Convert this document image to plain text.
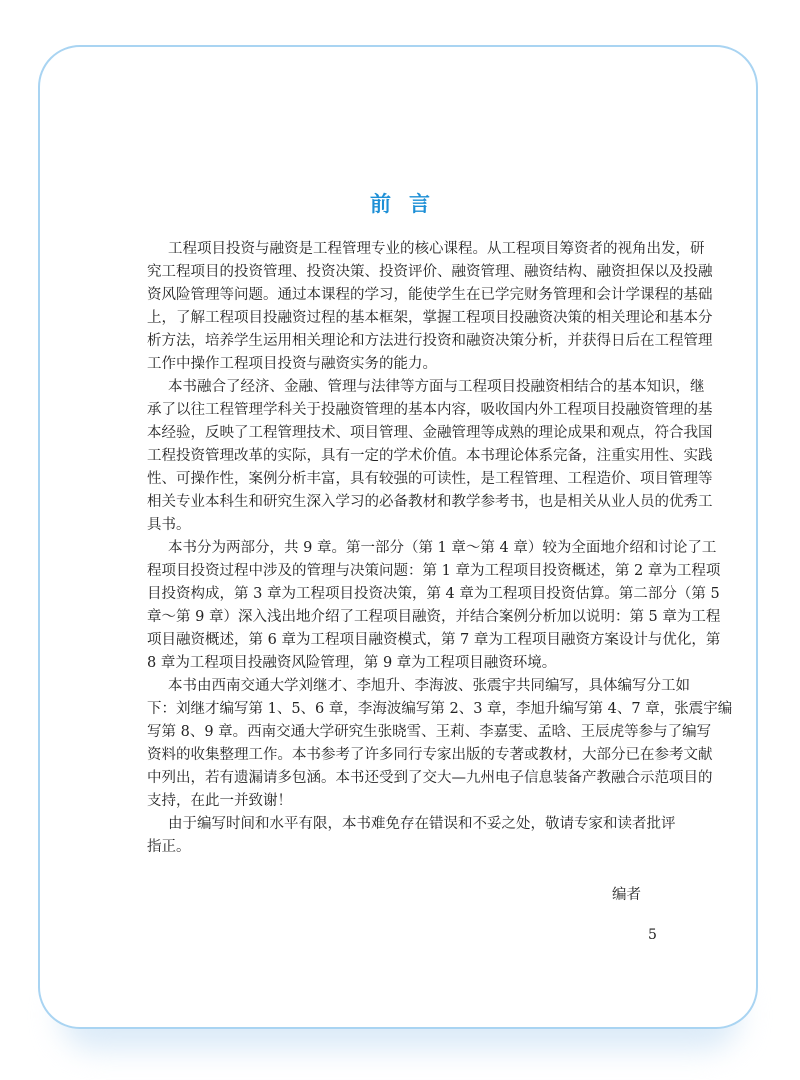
前言
工程项目投资与融资是工程管理专业的核心课程。从工程项目筹资者的视角出发，研
究工程项目的投资管理、投资决策、投资评价、融资管理、融资结构、融资担保以及投融
资风险管理等问题。通过本课程的学习，能使学生在已学完财务管理和会计学课程的基础
上，了解工程项目投融资过程的基本框架，掌握工程项目投融资决策的相关理论和基本分
析方法，培养学生运用相关理论和方法进行投资和融资决策分析，并获得日后在工程管理
工作中操作工程项目投资与融资实务的能力。
本书融合了经济、金融、管理与法律等方面与工程项目投融资相结合的基本知识，继
承了以往工程管理学科关于投融资管理的基本内容，吸收国内外工程项目投融资管理的基
本经验，反映了工程管理技术、项目管理、金融管理等成熟的理论成果和观点，符合我国
工程投资管理改革的实际，具有一定的学术价值。本书理论体系完备，注重实用性、实践
性、可操作性，案例分析丰富，具有较强的可读性，是工程管理、工程造价、项目管理等
相关专业本科生和研究生深入学习的必备教材和教学参考书，也是相关从业人员的优秀工
具书。
本书分为两部分，共 9 章。第一部分（第 1 章～第 4 章）较为全面地介绍和讨论了工
程项目投资过程中涉及的管理与决策问题：第 1 章为工程项目投资概述，第 2 章为工程项
目投资构成，第 3 章为工程项目投资决策，第 4 章为工程项目投资估算。第二部分（第 5
章～第 9 章）深入浅出地介绍了工程项目融资，并结合案例分析加以说明：第 5 章为工程
项目融资概述，第 6 章为工程项目融资模式，第 7 章为工程项目融资方案设计与优化，第
8 章为工程项目投融资风险管理，第 9 章为工程项目融资环境。
本书由西南交通大学刘继才、李旭升、李海波、张震宇共同编写，具体编写分工如
下：刘继才编写第 1、5、6 章，李海波编写第 2、3 章，李旭升编写第 4、7 章，张震宇编
写第 8、9 章。西南交通大学研究生张晓雪、王莉、李嘉雯、孟晗、王辰虎等参与了编写
资料的收集整理工作。本书参考了许多同行专家出版的专著或教材，大部分已在参考文献
中列出，若有遗漏请多包涵。本书还受到了交大—九州电子信息装备产教融合示范项目的
支持，在此一并致谢！
由于编写时间和水平有限，本书难免存在错误和不妥之处，敬请专家和读者批评
指正。
编者
5
